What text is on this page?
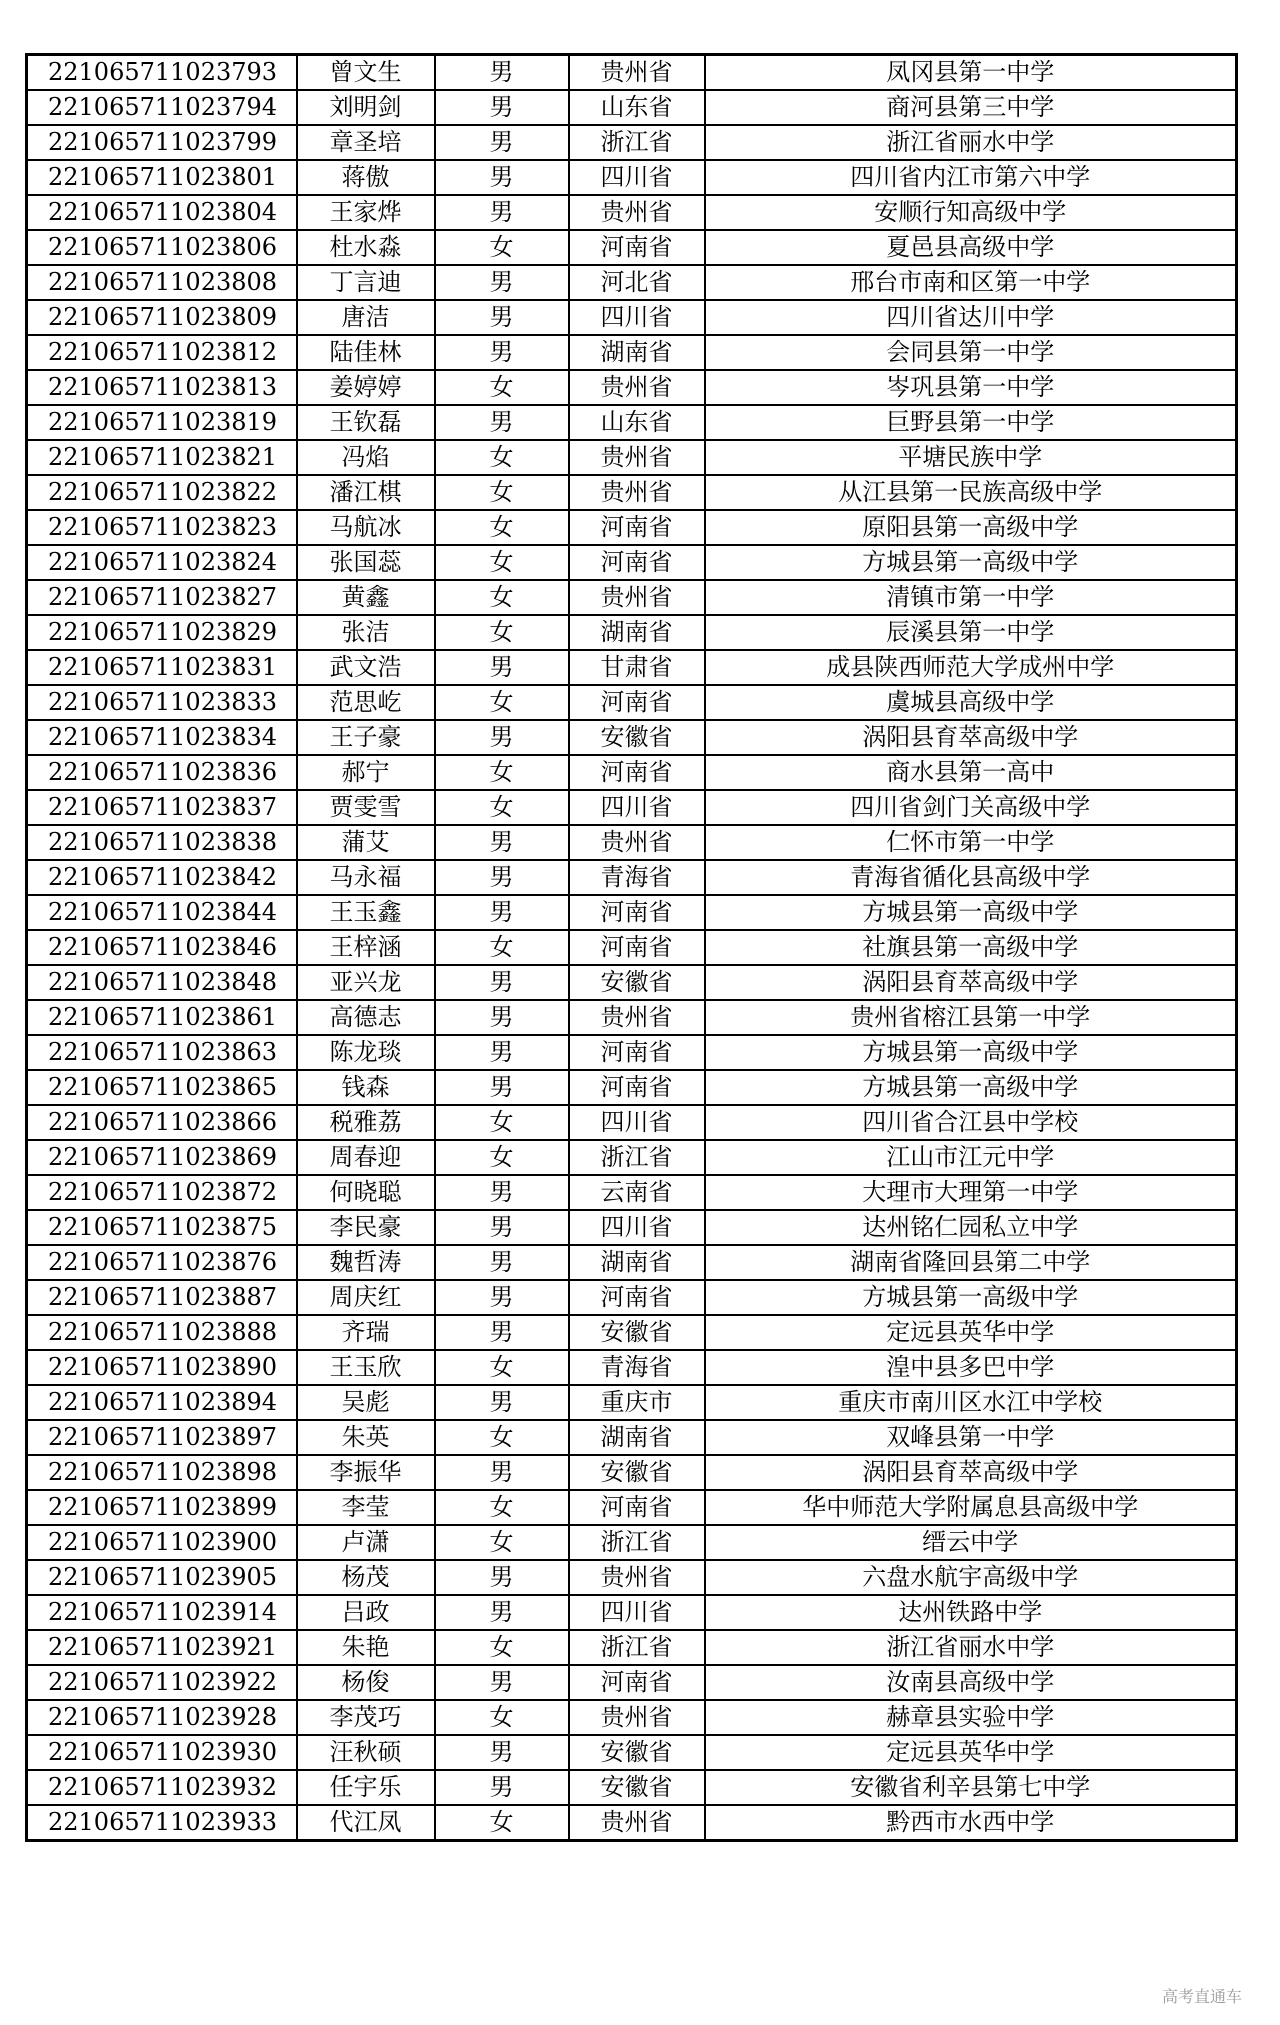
221065711023793	曾文生	男	贵州省	凤冈县第一中学
221065711023794	刘明剑	男	山东省	商河县第三中学
221065711023799	章圣培	男	浙江省	浙江省丽水中学
221065711023801	蒋傲	男	四川省	四川省内江市第六中学
221065711023804	王家烨	男	贵州省	安顺行知高级中学
221065711023806	杜水淼	女	河南省	夏邑县高级中学
221065711023808	丁言迪	男	河北省	邢台市南和区第一中学
221065711023809	唐洁	男	四川省	四川省达川中学
221065711023812	陆佳林	男	湖南省	会同县第一中学
221065711023813	姜婷婷	女	贵州省	岑巩县第一中学
221065711023819	王钦磊	男	山东省	巨野县第一中学
221065711023821	冯焰	女	贵州省	平塘民族中学
221065711023822	潘江棋	女	贵州省	从江县第一民族高级中学
221065711023823	马航冰	女	河南省	原阳县第一高级中学
221065711023824	张国蕊	女	河南省	方城县第一高级中学
221065711023827	黄鑫	女	贵州省	清镇市第一中学
221065711023829	张洁	女	湖南省	辰溪县第一中学
221065711023831	武文浩	男	甘肃省	成县陕西师范大学成州中学
221065711023833	范思屹	女	河南省	虞城县高级中学
221065711023834	王子豪	男	安徽省	涡阳县育萃高级中学
221065711023836	郝宁	女	河南省	商水县第一高中
221065711023837	贾雯雪	女	四川省	四川省剑门关高级中学
221065711023838	蒲艾	男	贵州省	仁怀市第一中学
221065711023842	马永福	男	青海省	青海省循化县高级中学
221065711023844	王玉鑫	男	河南省	方城县第一高级中学
221065711023846	王梓涵	女	河南省	社旗县第一高级中学
221065711023848	亚兴龙	男	安徽省	涡阳县育萃高级中学
221065711023861	高德志	男	贵州省	贵州省榕江县第一中学
221065711023863	陈龙琰	男	河南省	方城县第一高级中学
221065711023865	钱森	男	河南省	方城县第一高级中学
221065711023866	税雅荔	女	四川省	四川省合江县中学校
221065711023869	周春迎	女	浙江省	江山市江元中学
221065711023872	何晓聪	男	云南省	大理市大理第一中学
221065711023875	李民豪	男	四川省	达州铭仁园私立中学
221065711023876	魏哲涛	男	湖南省	湖南省隆回县第二中学
221065711023887	周庆红	男	河南省	方城县第一高级中学
221065711023888	齐瑞	男	安徽省	定远县英华中学
221065711023890	王玉欣	女	青海省	湟中县多巴中学
221065711023894	吴彪	男	重庆市	重庆市南川区水江中学校
221065711023897	朱英	女	湖南省	双峰县第一中学
221065711023898	李振华	男	安徽省	涡阳县育萃高级中学
221065711023899	李莹	女	河南省	华中师范大学附属息县高级中学
221065711023900	卢潇	女	浙江省	缙云中学
221065711023905	杨茂	男	贵州省	六盘水航宇高级中学
221065711023914	吕政	男	四川省	达州铁路中学
221065711023921	朱艳	女	浙江省	浙江省丽水中学
221065711023922	杨俊	男	河南省	汝南县高级中学
221065711023928	李茂巧	女	贵州省	赫章县实验中学
221065711023930	汪秋硕	男	安徽省	定远县英华中学
221065711023932	任宇乐	男	安徽省	安徽省利辛县第七中学
221065711023933	代江凤	女	贵州省	黔西市水西中学
高考直通车
